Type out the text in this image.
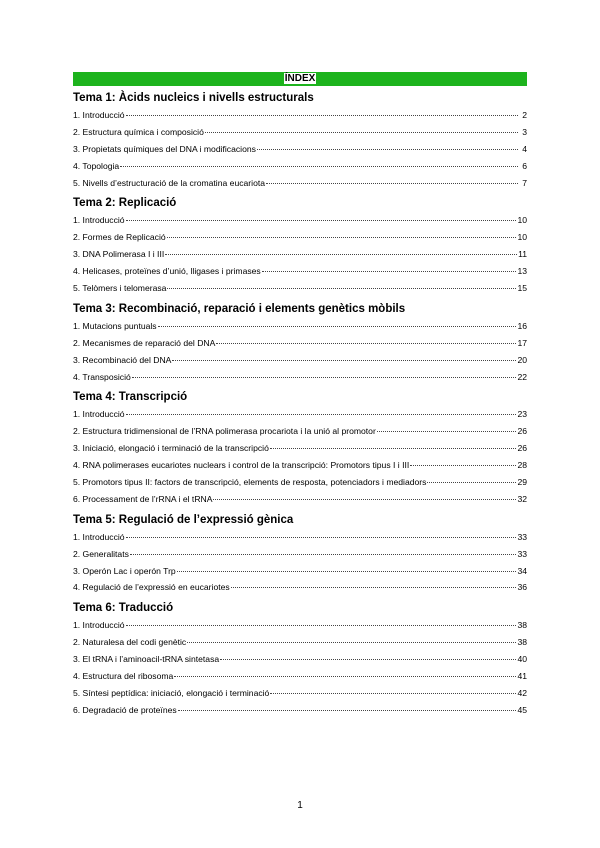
ÍNDEX
Tema 1: Àcids nucleics i nivells estructurals
1. Introducció	2
2. Estructura química i composició	3
3. Propietats químiques del DNA i modificacions	4
4. Topologia	6
5. Nivells d’estructuració de la cromatina eucariota	7
Tema 2: Replicació
1. Introducció	10
2. Formes de Replicació	10
3. DNA Polimerasa I i III	11
4. Helicases, proteïnes d’unió, lligases i primases	13
5. Telòmers i telomerasa	15
Tema 3: Recombinació, reparació i elements genètics mòbils
1. Mutacions puntuals	16
2. Mecanismes de reparació del DNA	17
3. Recombinació del DNA	20
4. Transposició	22
Tema 4: Transcripció
1. Introducció	23
2. Estructura tridimensional de l’RNA polimerasa procariota i la unió al promotor	26
3. Iniciació, elongació i terminació de la transcripció	26
4. RNA polimerases eucariotes nuclears i control de la transcripció: Promotors tipus I i III	28
5. Promotors tipus II: factors de transcripció, elements de resposta, potenciadors i mediadors	29
6. Processament de l’rRNA i el tRNA	32
Tema 5: Regulació de l’expressió gènica
1. Introducció	33
2. Generalitats	33
3. Operón Lac i operón Trp	34
4. Regulació de l’expressió en eucariotes	36
Tema 6: Traducció
1. Introducció	38
2. Naturalesa del codi genètic	38
3. El tRNA i l’aminoacil-tRNA sintetasa	40
4. Estructura del ribosoma	41
5. Síntesi peptídica: iniciació, elongació i terminació	42
6. Degradació de proteïnes	45
1
